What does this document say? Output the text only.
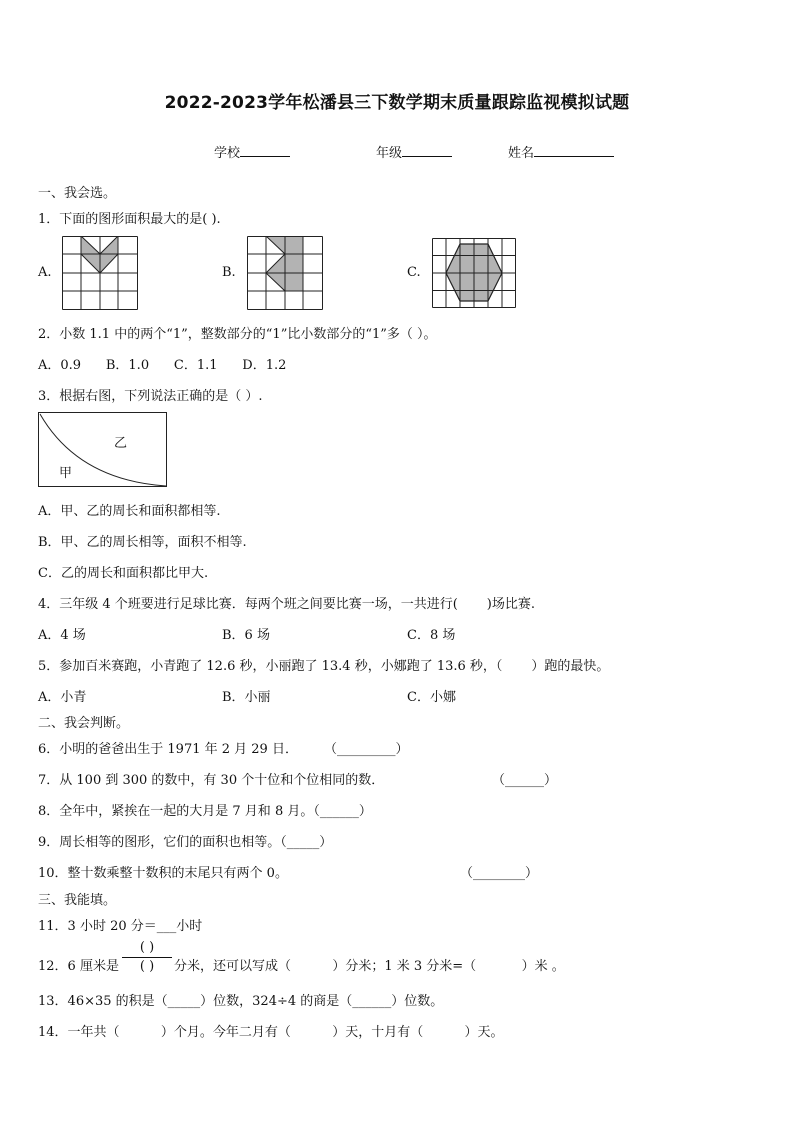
2022-2023学年松潘县三下数学期末质量跟踪监视模拟试题
学校	年级	姓名
一、我会选。
1．下面的图形面积最大的是( ).
A.	B.	C.
2．小数 1.1 中的两个“1”，整数部分的“1”比小数部分的“1”多（ ）。
A．0.9      B．1.0      C．1.1      D．1.2
3．根据右图，下列说法正确的是（ ）.
乙
甲
A．甲、乙的周长和面积都相等.
B．甲、乙的周长相等，面积不相等.
C．乙的周长和面积都比甲大.
4．三年级 4 个班要进行足球比赛．每两个班之间要比赛一场，一共进行(       )场比赛.
A．4 场	B．6 场	C．8 场
5．参加百米赛跑，小青跑了 12.6 秒，小丽跑了 13.4 秒，小娜跑了 13.6 秒，（       ）跑的最快。
A．小青	B．小丽	C．小娜
二、我会判断。
6．小明的爸爸出生于 1971 年 2 月 29 日． （_________）
7．从 100 到 300 的数中，有 30 个十位和个位相同的数．	（______）
8．全年中，紧挨在一起的大月是 7 月和 8 月。（______）
9．周长相等的图形，它们的面积也相等。（_____）
10．整十数乘整十数积的末尾只有两个 0。	（________）
三、我能填。
11．3 小时 20 分＝___小时
12．6 厘米是
( )
( )	分米，还可以写成（          ）分米；1 米 3 分米=（           ）米 。
13．46×35 的积是（_____）位数，324÷4 的商是（______）位数。
14．一年共（          ）个月。今年二月有（          ）天，十月有（          ）天。
